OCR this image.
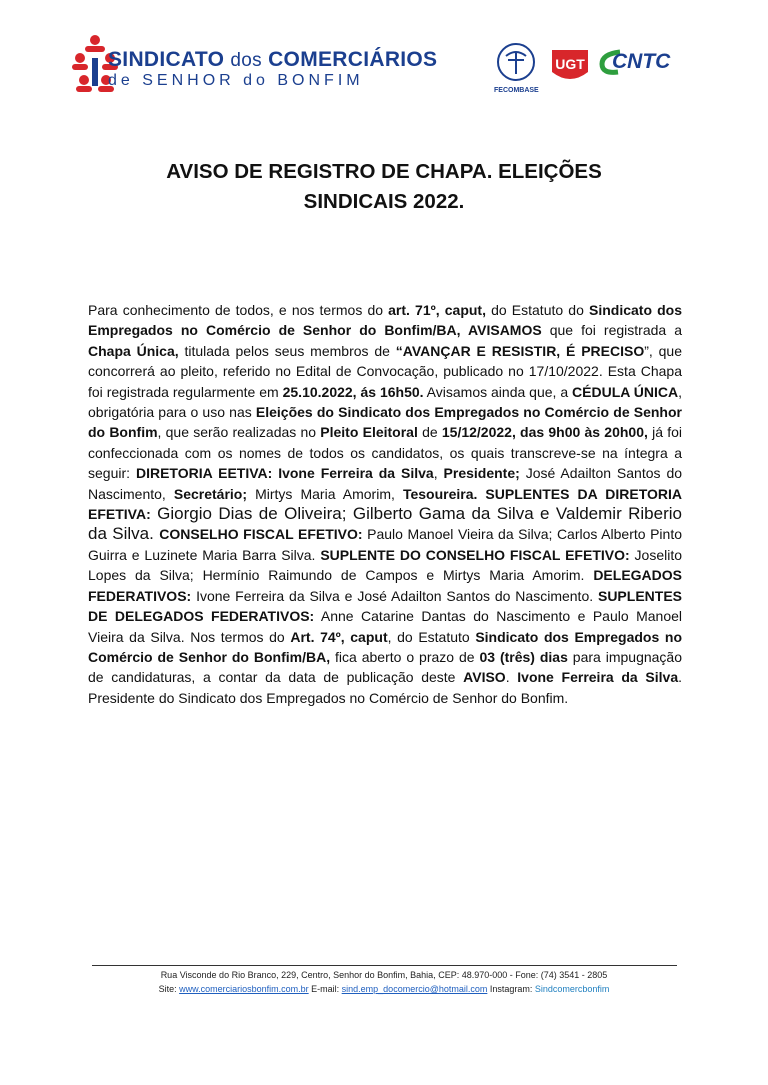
SINDICATO dos COMERCIÁRIOS
de SENHOR do BONFIM
FECOMBASE
UGT	CNTC
AVISO DE REGISTRO DE CHAPA. ELEIÇÕES
SINDICAIS 2022.
Para conhecimento de todos, e nos termos do art. 71º, caput, do Estatuto do Sindicato dos Empregados no Comércio de Senhor do Bonfim/BA, AVISAMOS que foi registrada a Chapa Única, titulada pelos seus membros de “AVANÇAR E RESISTIR, É PRECISO”, que concorrerá ao pleito, referido no Edital de Convocação, publicado no 17/10/2022. Esta Chapa foi registrada regularmente em 25.10.2022, ás 16h50. Avisamos ainda que, a CÉDULA ÚNICA, obrigatória para o uso nas Eleições do Sindicato dos Empregados no Comércio de Senhor do Bonfim, que serão realizadas no Pleito Eleitoral de 15/12/2022, das 9h00 às 20h00, já foi confeccionada com os nomes de todos os candidatos, os quais transcreve-se na íntegra a seguir: DIRETORIA EETIVA: Ivone Ferreira da Silva, Presidente; José Adailton Santos do Nascimento, Secretário; Mirtys Maria Amorim, Tesoureira. SUPLENTES DA DIRETORIA EFETIVA: Giorgio Dias de Oliveira; Gilberto Gama da Silva e Valdemir Riberio da Silva. CONSELHO FISCAL EFETIVO: Paulo Manoel Vieira da Silva; Carlos Alberto Pinto Guirra e Luzinete Maria Barra Silva. SUPLENTE DO CONSELHO FISCAL EFETIVO: Joselito Lopes da Silva; Hermínio Raimundo de Campos e Mirtys Maria Amorim. DELEGADOS FEDERATIVOS: Ivone Ferreira da Silva e José Adailton Santos do Nascimento. SUPLENTES DE DELEGADOS FEDERATIVOS: Anne Catarine Dantas do Nascimento e Paulo Manoel Vieira da Silva. Nos termos do Art. 74º, caput, do Estatuto Sindicato dos Empregados no Comércio de Senhor do Bonfim/BA, fica aberto o prazo de 03 (três) dias para impugnação de candidaturas, a contar da data de publicação deste AVISO. Ivone Ferreira da Silva. Presidente do Sindicato dos Empregados no Comércio de Senhor do Bonfim.
Rua Visconde do Rio Branco, 229, Centro, Senhor do Bonfim, Bahia, CEP: 48.970-000 - Fone: (74) 3541 - 2805
Site: www.comerciariosbonfim.com.br E-mail: sind.emp_docomercio@hotmail.com Instagram: Sindcomercbonfim
